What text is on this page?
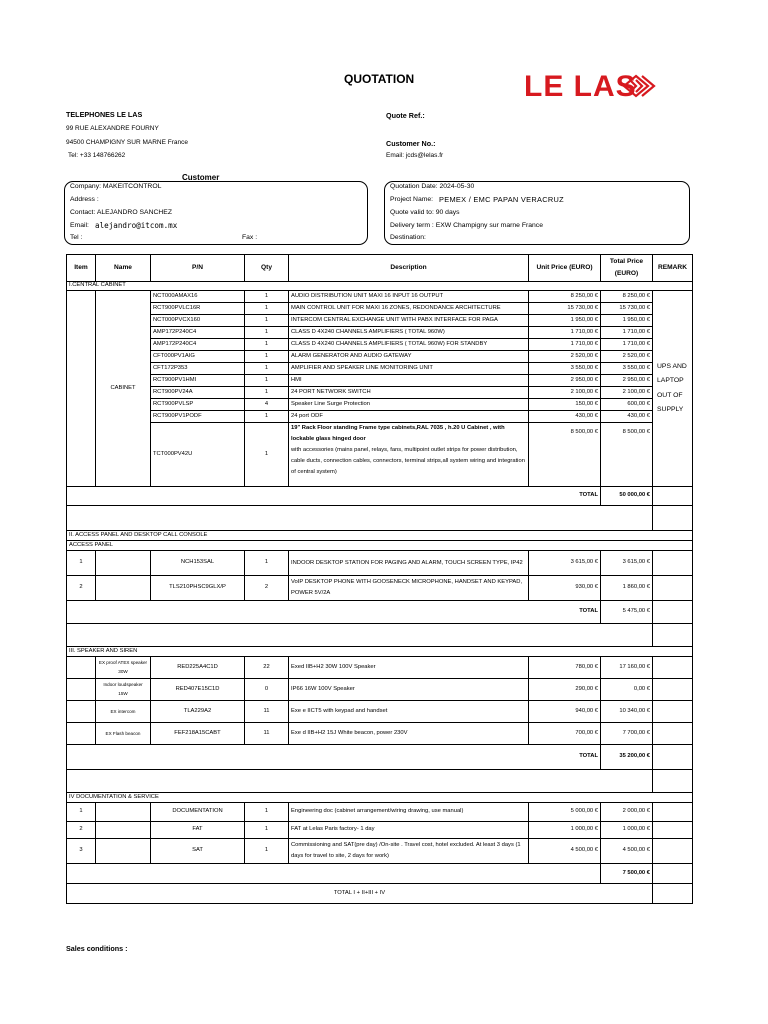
QUOTATION	LE LAS
TELEPHONES LE LAS
99 RUE ALEXANDRE FOURNY
94500 CHAMPIGNY SUR MARNE France
Tel: +33 148766262
Quote Ref.:
Customer No.:
Email: jcds@lelas.fr
Customer
Company: MAKEITCONTROL
Address :
Contact: ALEJANDRO SANCHEZ
Email: alejandro@itcom.mx
Tel :	Fax :
Quotation Date: 2024-05-30
Project Name: PEMEX / EMC PAPAN VERACRUZ
Quote valid to: 90 days
Delivery term : EXW Champigny sur marne France
Destination:
Item	Name	P/N	Qty	Description	Unit Price (EURO)	Total Price
(EURO)	REMARK
I.CENTRAL CABINET							
	CABINET	NCT000AMAX16	1	AUDIO DISTRIBUTION UNIT MAXI 16 INPUT 16 OUTPUT	8 250,00 €	8 250,00 €	UPS AND
LAPTOP
OUT OF
SUPPLY

		RCT900PVLC16R	1	MAIN CONTROL UNIT FOR MAXI 16 ZONES, REDONDANCE ARCHITECTURE	15 730,00 €	15 730,00 €	
		NCT000PVCX160	1	INTERCOM CENTRAL EXCHANGE UNIT WITH PABX INTERFACE FOR PAGA	1 950,00 €	1 950,00 €	
		AMP172P240C4	1	CLASS D 4X240 CHANNELS AMPLIFIERS ( TOTAL 960W)	1 710,00 €	1 710,00 €	
		AMP172P240C4	1	CLASS D 4X240 CHANNELS AMPLIFIERS ( TOTAL 960W) FOR STANDBY	1 710,00 €	1 710,00 €	
		CFT000PV1AIG	1	ALARM GENERATOR AND AUDIO GATEWAY	2 520,00 €	2 520,00 €	
		CFT172P353	1	AMPLIFIER AND SPEAKER LINE MONITORING UNIT	3 550,00 €	3 550,00 €	
		RCT900PV1HMI	1	HMI	2 950,00 €	2 950,00 €	
		RCT900PV24A	1	24 PORT NETWORK SWITCH	2 100,00 €	2 100,00 €	
		RCT900PVLSP	4	Speaker Line Surge Protection	150,00 €	600,00 €	
		RCT900PV1PODF	1	24 port ODF	430,00 €	430,00 €	
		TCT000PV42U	1	19" Rack Floor standing Frame type cabinets,RAL 7035 , h.20 U Cabinet , with lockable glass hinged door
with accessories (mains panel, relays, fans, multipoint outlet strips for power distribution, cable ducts, connection cables, connectors, terminal strips,all system wiring and integration of central system)	8 500,00 €	8 500,00 €	
					TOTAL	50 000,00 €	

II. ACCESS PANEL AND DESKTOP CALL CONSOLE							
ACCESS PANEL							
1		NCH153SAL	1	INDOOR DESKTOP STATION FOR PAGING AND ALARM, TOUCH SCREEN TYPE, IP42	3 615,00 €	3 615,00 €	
2		TLS210PHSC9GLX/P	2	VoIP DESKTOP PHONE WITH GOOSENECK MICROPHONE, HANDSET AND KEYPAD, POWER 5V/2A	930,00 €	1 860,00 €	
					TOTAL	5 475,00 €	

III. SPEAKER AND SIREN							
	EX proof ATEX speaker 30W	RED225A4C1D	22	Exed IIB+H2 30W 100V Speaker	780,00 €	17 160,00 €	
	Indoor loudspeaker 15W	RED407E15C1D	0	IP66 16W 100V Speaker	290,00 €	0,00 €	
	EX intercom	TLA229A2	11	Exe e IICT5 with keypad and handset	940,00 €	10 340,00 €	
	EX Flash beacon	FEF218A15CABT	11	Exe d IIB+H2 15J White beacon, power 230V	700,00 €	7 700,00 €	
					TOTAL	35 200,00 €	

IV DOCUMENTATION & SERVICE							
1		DOCUMENTATION	1	Engineering doc (cabinet arrangement/wiring drawing, use manual)	5 000,00 €	2 000,00 €	
2		FAT	1	FAT at Lelas Paris factory- 1 day	1 000,00 €	1 000,00 €	
3		SAT	1	Commissioning and SAT(pre day) /On-site . Travel cost, hotel excluded. At least 3 days (1 days for travel to site, 2 days for work)	4 500,00 €	4 500,00 €	
						7 500,00 €	
TOTAL I + II+III + IV							
Sales conditions :
